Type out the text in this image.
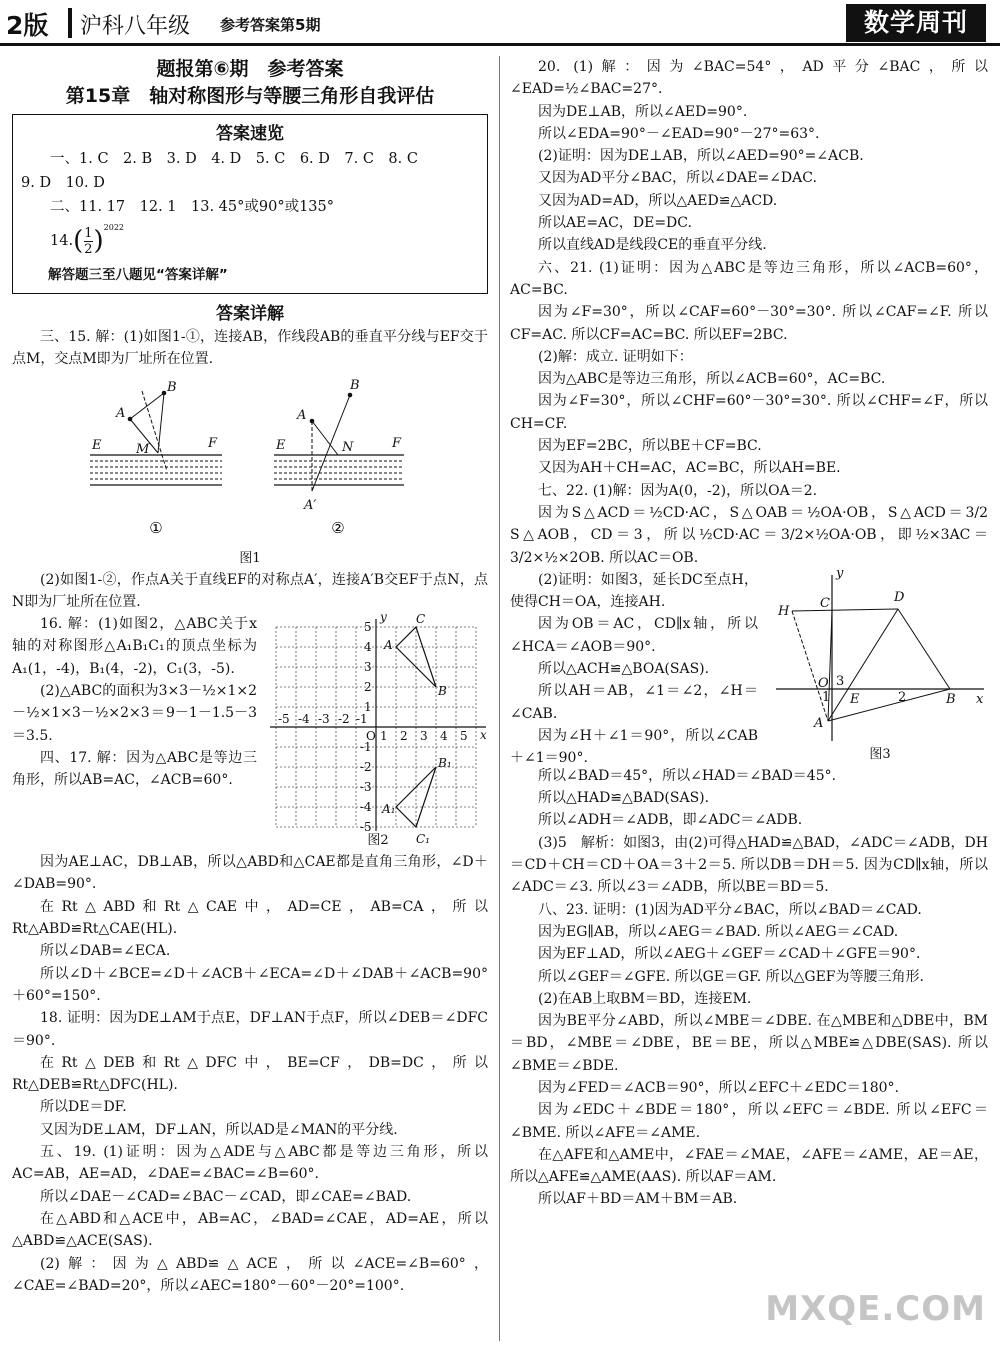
2版 沪科八年级 参考答案第5期	数学周刊
题报第⑥期　参考答案
第15章　轴对称图形与等腰三角形自我评估
答案速览
一、1. C　2. B　3. D　4. D　5. C　6. D　7. C　8. C
9. D　10. D
二、11. 17　12. 1　13. 45°或90°或135°
14. ( $\frac{1}{2}$ ) 2022
解答题三至八题见“答案详解”
答案详解
三、15. 解：(1)如图1-①，连接AB，作线段AB的垂直平分线与EF交于点M，交点M即为厂址所在位置.
A
B
E	F
M
A
B
E	F
N
A′
①	②
图1
(2)如图1-②，作点A关于直线EF的对称点A′，连接A′B交EF于点N，点N即为厂址所在位置.
16. 解：(1)如图2，△ABC关于x轴的对称图形△A₁B₁C₁的顶点坐标为A₁(1，-4)，B₁(4，-2)，C₁(3，-5).
(2)△ABC的面积为3×3－½×1×2－½×1×3－½×2×3＝9－1－1.5－3＝3.5.
四、17. 解：因为△ABC是等边三角形，所以AB=AC，∠ACB=60°.
y
x
A
B
C
A₁
B₁
C₁
O 1 2 3 4 5
-5 -4 -3 -2 -1
1
2
3
4
5
-1
-2
-3
-4
-5
图2
因为AE⊥AC，DB⊥AB，所以△ABD和△CAE都是直角三角形，∠D＋∠DAB=90°.
在Rt△ABD和Rt△CAE中，AD=CE，AB=CA，所以Rt△ABD≌Rt△CAE(HL).
所以∠DAB=∠ECA.
所以∠D＋∠BCE=∠D＋∠ACB＋∠ECA=∠D＋∠DAB＋∠ACB=90°＋60°=150°.
18. 证明：因为DE⊥AM于点E，DF⊥AN于点F，所以∠DEB＝∠DFC＝90°.
在Rt△DEB和Rt△DFC中，BE=CF，DB=DC，所以Rt△DEB≌Rt△DFC(HL).
所以DE＝DF.
又因为DE⊥AM，DF⊥AN，所以AD是∠MAN的平分线.
五、19. (1)证明：因为△ADE与△ABC都是等边三角形，所以AC=AB，AE=AD，∠DAE=∠BAC=∠B=60°.
所以∠DAE－∠CAD=∠BAC－∠CAD，即∠CAE=∠BAD.
在△ABD和△ACE中，AB=AC，∠BAD=∠CAE，AD=AE，所以△ABD≌△ACE(SAS).
(2)解：因为△ABD≌△ACE，所以∠ACE=∠B=60°，∠CAE=∠BAD=20°，所以∠AEC=180°－60°－20°=100°.
20. (1)解：因为∠BAC=54°，AD平分∠BAC，所以∠EAD=½∠BAC=27°.
因为DE⊥AB，所以∠AED=90°.
所以∠EDA=90°－∠EAD=90°－27°=63°.
(2)证明：因为DE⊥AB，所以∠AED=90°=∠ACB.
又因为AD平分∠BAC，所以∠DAE=∠DAC.
又因为AD=AD，所以△AED≌△ACD.
所以AE=AC，DE=DC.
所以直线AD是线段CE的垂直平分线.
六、21. (1)证明：因为△ABC是等边三角形，所以∠ACB=60°，AC=BC.
因为∠F=30°，所以∠CAF=60°－30°=30°. 所以∠CAF=∠F. 所以CF=AC. 所以CF=AC=BC. 所以EF=2BC.
(2)解：成立. 证明如下：
因为△ABC是等边三角形，所以∠ACB=60°，AC=BC.
因为∠F=30°，所以∠CHF=60°－30°=30°. 所以∠CHF=∠F，所以CH=CF.
因为EF=2BC，所以BE＋CF=BC.
又因为AH＋CH=AC，AC=BC，所以AH=BE.
七、22. (1)解：因为A(0，-2)，所以OA＝2.
因为S△ACD＝½CD·AC，S△OAB＝½OA·OB，S△ACD＝3/2 S△AOB，CD＝3，所以½CD·AC＝3/2×½OA·OB，即½×3AC＝3/2×½×2OB. 所以AC＝OB.
(2)证明：如图3，延长DC至点H，使得CH＝OA，连接AH.
因为OB＝AC，CD∥x轴，所以∠HCA＝∠AOB＝90°.
所以△ACH≌△BOA(SAS).
所以AH＝AB，∠1＝∠2，∠H＝∠CAB.
因为∠H＋∠1＝90°，所以∠CAB＋∠1＝90°.
y
x
H
C	D
O 3
E	2	B
1
A
图3
所以∠BAD＝45°，所以∠HAD＝∠BAD＝45°.
所以△HAD≌△BAD(SAS).
所以∠ADH＝∠ADB，即∠ADC＝∠ADB.
(3)5　解析：如图3，由(2)可得△HAD≌△BAD，∠ADC＝∠ADB，DH＝CD＋CH＝CD＋OA＝3＋2＝5. 所以DB＝DH＝5. 因为CD∥x轴，所以∠ADC＝∠3. 所以∠3＝∠ADB，所以BE＝BD＝5.
八、23. 证明：(1)因为AD平分∠BAC，所以∠BAD＝∠CAD.
因为EG∥AB，所以∠AEG＝∠BAD. 所以∠AEG＝∠CAD.
因为EF⊥AD，所以∠AEG＋∠GEF＝∠CAD＋∠GFE＝90°.
所以∠GEF＝∠GFE. 所以GE＝GF. 所以△GEF为等腰三角形.
(2)在AB上取BM＝BD，连接EM.
因为BE平分∠ABD，所以∠MBE＝∠DBE. 在△MBE和△DBE中，BM＝BD，∠MBE＝∠DBE，BE＝BE，所以△MBE≌△DBE(SAS). 所以∠BME＝∠BDE.
因为∠FED＝∠ACB＝90°，所以∠EFC＋∠EDC＝180°.
因为∠EDC＋∠BDE＝180°，所以∠EFC＝∠BDE. 所以∠EFC＝∠BME. 所以∠AFE＝∠AME.
在△AFE和△AME中，∠FAE＝∠MAE，∠AFE＝∠AME，AE＝AE，所以△AFE≌△AME(AAS). 所以AF＝AM.
所以AF＋BD＝AM＋BM＝AB.
MXQE.COM
